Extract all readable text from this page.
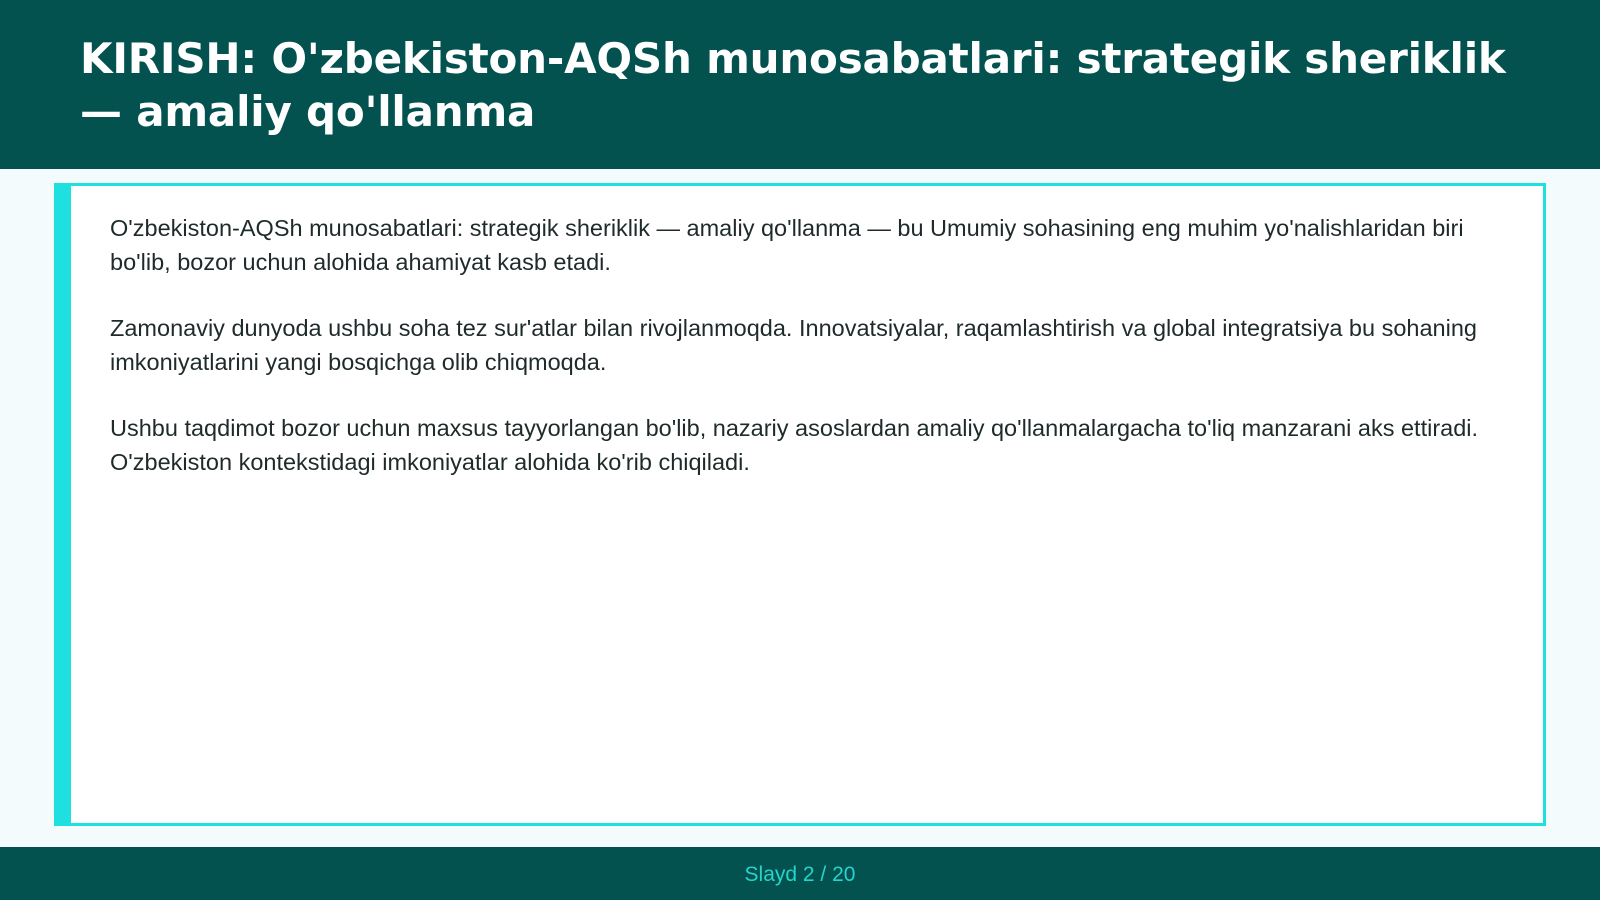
KIRISH: O'zbekiston-AQSh munosabatlari: strategik sheriklik — amaliy qo'llanma

O'zbekiston-AQSh munosabatlari: strategik sheriklik — amaliy qo'llanma — bu Umumiy sohasining eng muhim yo'nalishlaridan biri bo'lib, bozor uchun alohida ahamiyat kasb etadi.

Zamonaviy dunyoda ushbu soha tez sur'atlar bilan rivojlanmoqda. Innovatsiyalar, raqamlashtirish va global integratsiya bu sohaning imkoniyatlarini yangi bosqichga olib chiqmoqda.

Ushbu taqdimot bozor uchun maxsus tayyorlangan bo'lib, nazariy asoslardan amaliy qo'llanmalargacha to'liq manzarani aks ettiradi. O'zbekiston kontekstidagi imkoniyatlar alohida ko'rib chiqiladi.

Slayd 2 / 20
